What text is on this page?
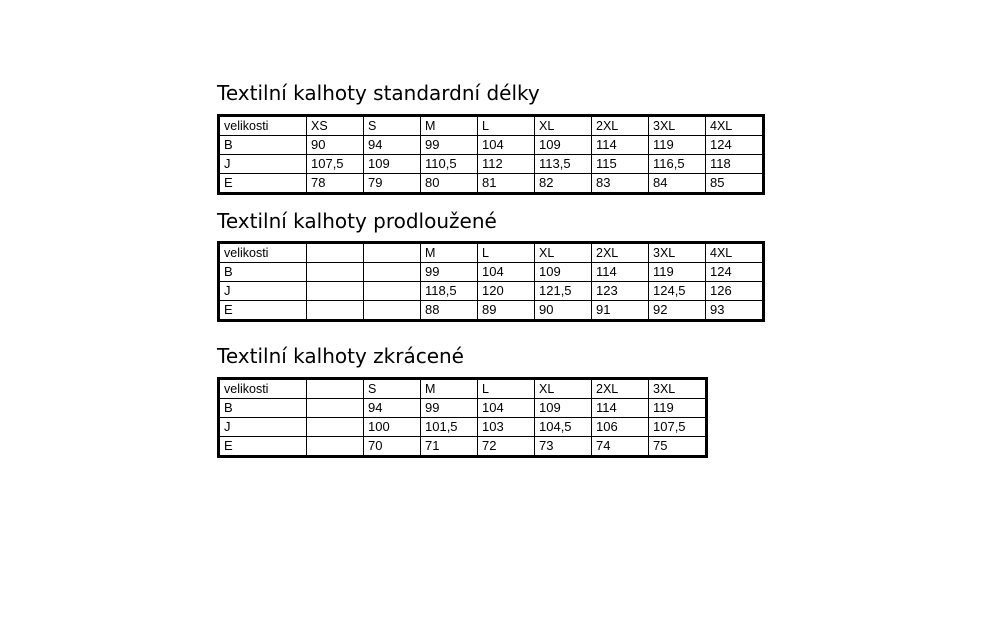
Textilní kalhoty standardní délky
velikosti	XS	S	M	L	XL	2XL	3XL	4XL
B	90	94	99	104	109	114	119	124
J	107,5	109	110,5	112	113,5	115	116,5	118
E	78	79	80	81	82	83	84	85
Textilní kalhoty prodloužené
velikosti			M	L	XL	2XL	3XL	4XL
B			99	104	109	114	119	124
J			118,5	120	121,5	123	124,5	126
E			88	89	90	91	92	93
Textilní kalhoty zkrácené
velikosti		S	M	L	XL	2XL	3XL
B		94	99	104	109	114	119
J		100	101,5	103	104,5	106	107,5
E		70	71	72	73	74	75
